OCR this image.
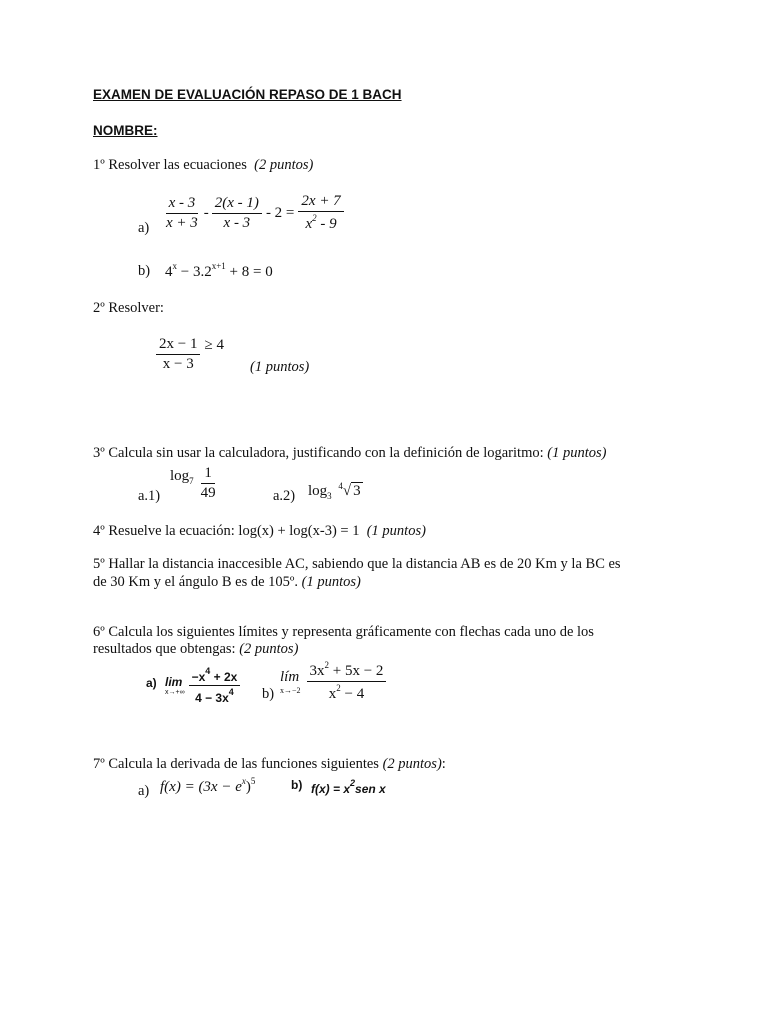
EXAMEN DE EVALUACIÓN REPASO DE 1 BACH
NOMBRE:
1º Resolver las ecuaciones (2 puntos)
$a) \frac{x - 3}{x + 3} - \frac{2(x - 1)}{x - 3} - 2 = \frac{2x + 7}{x^2 - 9}$
b) $4^x - 3.2^{x+1} + 8 = 0$
2º Resolver:
$\frac{2x - 1}{x - 3} \ge 4$
(1 puntos)
3º Calcula sin usar la calculadora, justificando con la definición de logaritmo: (1 puntos)
a.1)
$\log_7 \frac{1}{49}$	a.2) $\log_3 ^4√$ 3
4º Resuelve la ecuación: log(x) + log(x-3) = 1 (1 puntos)
5º Hallar la distancia inaccesible AC, sabiendo que la distancia AB es de 20 Km y la BC es
de 30 Km y el ángulo B es de 105º. (1 puntos)
6º Calcula los siguientes límites y representa gráficamente con flechas cada uno de los
resultados que obtengas: (2 puntos)
a) lim
$x\to+\infty \frac{-x^4 + 2x}{4 - 3x^4} b$)
lím
$x\to-2 \frac{3x^2 + 5x - 2}{x^2 - 4}$
7º Calcula la derivada de las funciones siguientes (2 puntos):
a) $f(x) = (3x - e^x)^5$	b) $f(x) = x^2sen$ x
